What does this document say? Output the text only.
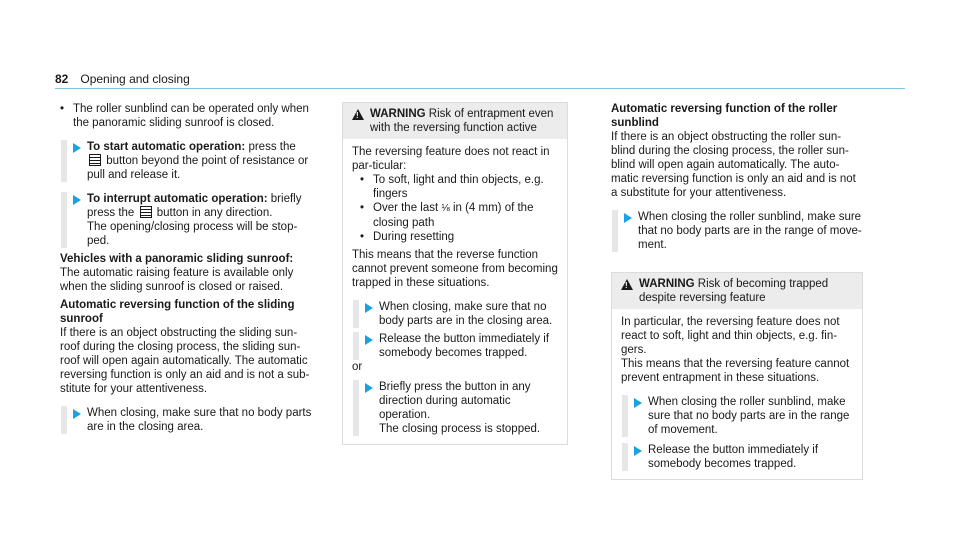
82 Opening and closing

• The roller sunblind can be operated only when the panoramic sliding sunroof is closed.

To start automatic operation: press the  button beyond the point of resistance or pull and release it.
To interrupt automatic operation: briefly press the  button in any direction.
The opening/closing process will be stop-ped.

Vehicles with a panoramic sliding sunroof:
The automatic raising feature is available only when the sliding sunroof is closed or raised.

Automatic reversing function of the sliding sunroof

If there is an object obstructing the sliding sun-roof during the closing process, the sliding sun-roof will open again automatically. The automatic reversing function is only an aid and is not a sub-stitute for your attentiveness.

When closing, make sure that no body parts are in the closing area.
!
WARNING Risk of entrapment even with the reversing function active

The reversing feature does not react in par-ticular:

• To soft, light and thin objects, e.g. fingers

• Over the last ⅛ in (4 mm) of the closing path

• During resetting

This means that the reverse function cannot prevent someone from becoming trapped in these situations.

When closing, make sure that no body parts are in the closing area.
Release the button immediately if somebody becomes trapped.

or

Briefly press the button in any direction during automatic operation.
The closing process is stopped.

Automatic reversing function of the roller sunblind

If there is an object obstructing the roller sun-blind during the closing process, the roller sun-blind will open again automatically. The auto-matic reversing function is only an aid and is not a substitute for your attentiveness.

When closing the roller sunblind, make sure that no body parts are in the range of move-ment.
!
WARNING Risk of becoming trapped despite reversing feature

In particular, the reversing feature does not react to soft, light and thin objects, e.g. fin-gers.

This means that the reversing feature cannot prevent entrapment in these situations.

When closing the roller sunblind, make sure that no body parts are in the range of movement.
Release the button immediately if somebody becomes trapped.
